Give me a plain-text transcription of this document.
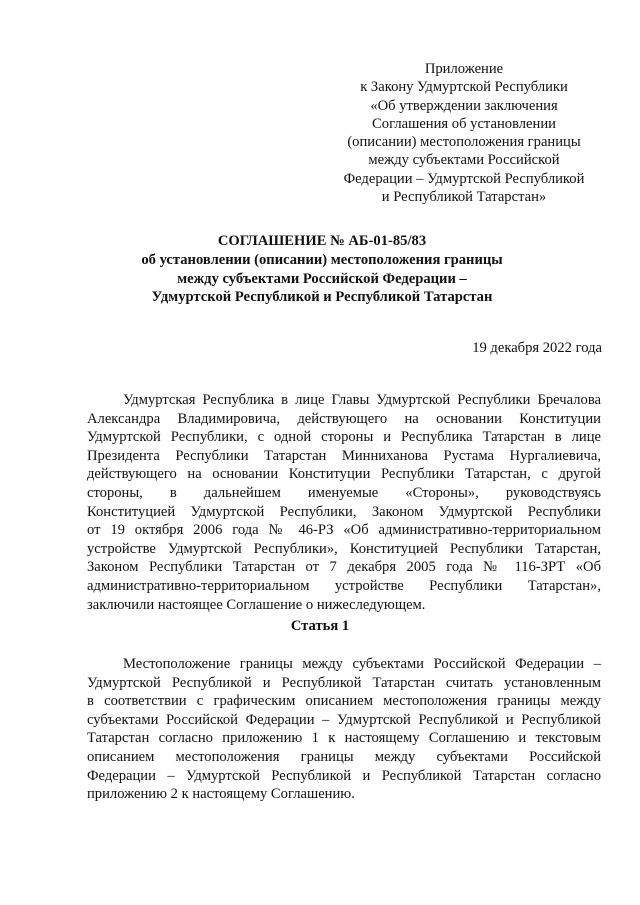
Приложение
к Закону Удмуртской Республики
«Об утверждении заключения
Соглашения об установлении
(описании) местоположения границы
между субъектами Российской
Федерации – Удмуртской Республикой
и Республикой Татарстан»
СОГЛАШЕНИЕ № АБ-01-85/83
об установлении (описании) местоположения границы
между субъектами Российской Федерации –
Удмуртской Республикой и Республикой Татарстан
19 декабря 2022 года
Удмуртская Республика в лице Главы Удмуртской Республики Бречалова
Александра Владимировича, действующего на основании Конституции
Удмуртской Республики, с одной стороны и Республика Татарстан в лице
Президента Республики Татарстан Минниханова Рустама Нургалиевича,
действующего на основании Конституции Республики Татарстан, с другой
стороны, в дальнейшем именуемые «Стороны», руководствуясь
Конституцией Удмуртской Республики, Законом Удмуртской Республики
от 19 октября 2006 года № 46-РЗ «Об административно-территориальном
устройстве Удмуртской Республики», Конституцией Республики Татарстан,
Законом Республики Татарстан от 7 декабря 2005 года № 116-ЗРТ «Об
административно-территориальном устройстве Республики Татарстан»,
заключили настоящее Соглашение о нижеследующем.
Статья 1
Местоположение границы между субъектами Российской Федерации –
Удмуртской Республикой и Республикой Татарстан считать установленным
в соответствии с графическим описанием местоположения границы между
субъектами Российской Федерации – Удмуртской Республикой и Республикой
Татарстан согласно приложению 1 к настоящему Соглашению и текстовым
описанием местоположения границы между субъектами Российской
Федерации – Удмуртской Республикой и Республикой Татарстан согласно
приложению 2 к настоящему Соглашению.
